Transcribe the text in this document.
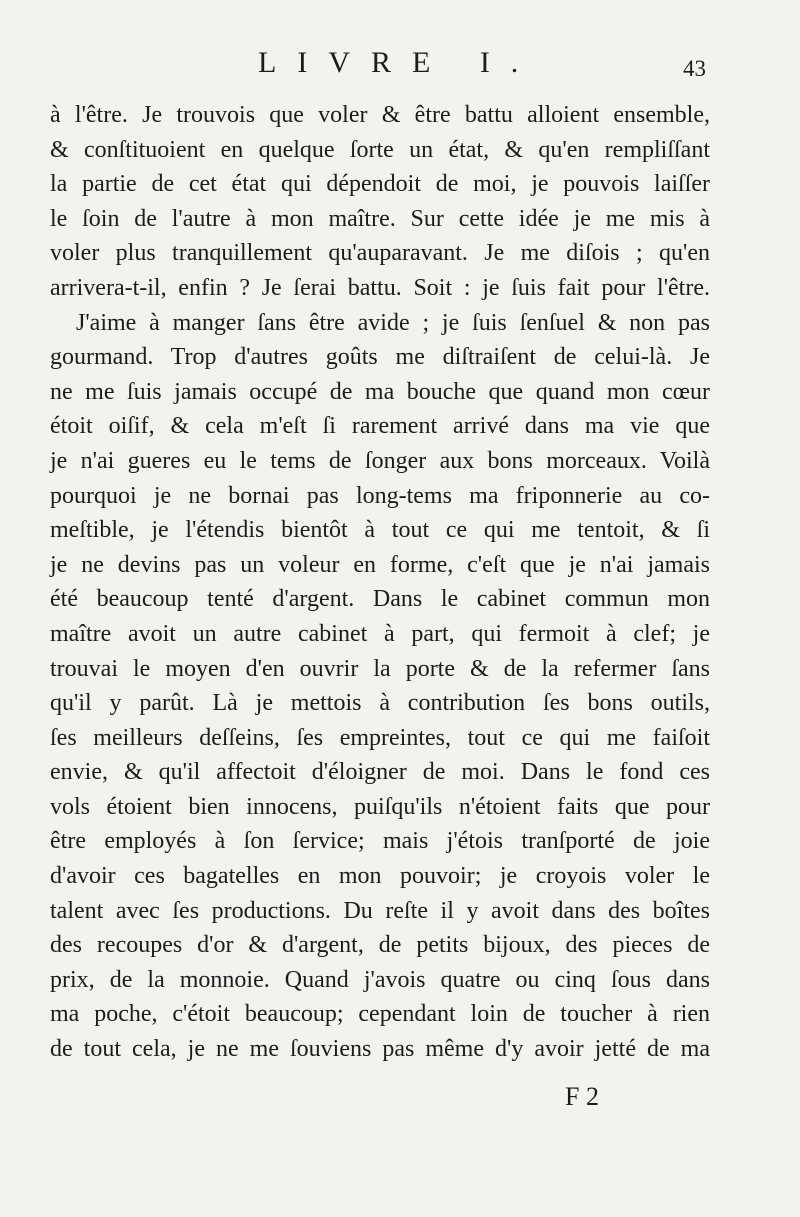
LIVRE I.	43
à l'être. Je trouvois que voler & être battu alloient ensemble,
& conſtituoient en quelque ſorte un état, & qu'en rempliſſant
la partie de cet état qui dépendoit de moi, je pouvois laiſſer
le ſoin de l'autre à mon maître. Sur cette idée je me mis à
voler plus tranquillement qu'auparavant. Je me diſois ; qu'en
arrivera-t-il, enfin ? Je ſerai battu. Soit : je ſuis fait pour l'être.
J'aime à manger ſans être avide ; je ſuis ſenſuel & non pas
gourmand. Trop d'autres goûts me diſtraiſent de celui-là. Je
ne me ſuis jamais occupé de ma bouche que quand mon cœur
étoit oiſif, & cela m'eſt ſi rarement arrivé dans ma vie que
je n'ai gueres eu le tems de ſonger aux bons morceaux. Voilà
pourquoi je ne bornai pas long-tems ma friponnerie au co-
meſtible, je l'étendis bientôt à tout ce qui me tentoit, & ſi
je ne devins pas un voleur en forme, c'eſt que je n'ai jamais
été beaucoup tenté d'argent. Dans le cabinet commun mon
maître avoit un autre cabinet à part, qui fermoit à clef; je
trouvai le moyen d'en ouvrir la porte & de la refermer ſans
qu'il y parût. Là je mettois à contribution ſes bons outils,
ſes meilleurs deſſeins, ſes empreintes, tout ce qui me faiſoit
envie, & qu'il affectoit d'éloigner de moi. Dans le fond ces
vols étoient bien innocens, puiſqu'ils n'étoient faits que pour
être employés à ſon ſervice; mais j'étois tranſporté de joie
d'avoir ces bagatelles en mon pouvoir; je croyois voler le
talent avec ſes productions. Du reſte il y avoit dans des boîtes
des recoupes d'or & d'argent, de petits bijoux, des pieces de
prix, de la monnoie. Quand j'avois quatre ou cinq ſous dans
ma poche, c'étoit beaucoup; cependant loin de toucher à rien
de tout cela, je ne me ſouviens pas même d'y avoir jetté de ma
F 2
